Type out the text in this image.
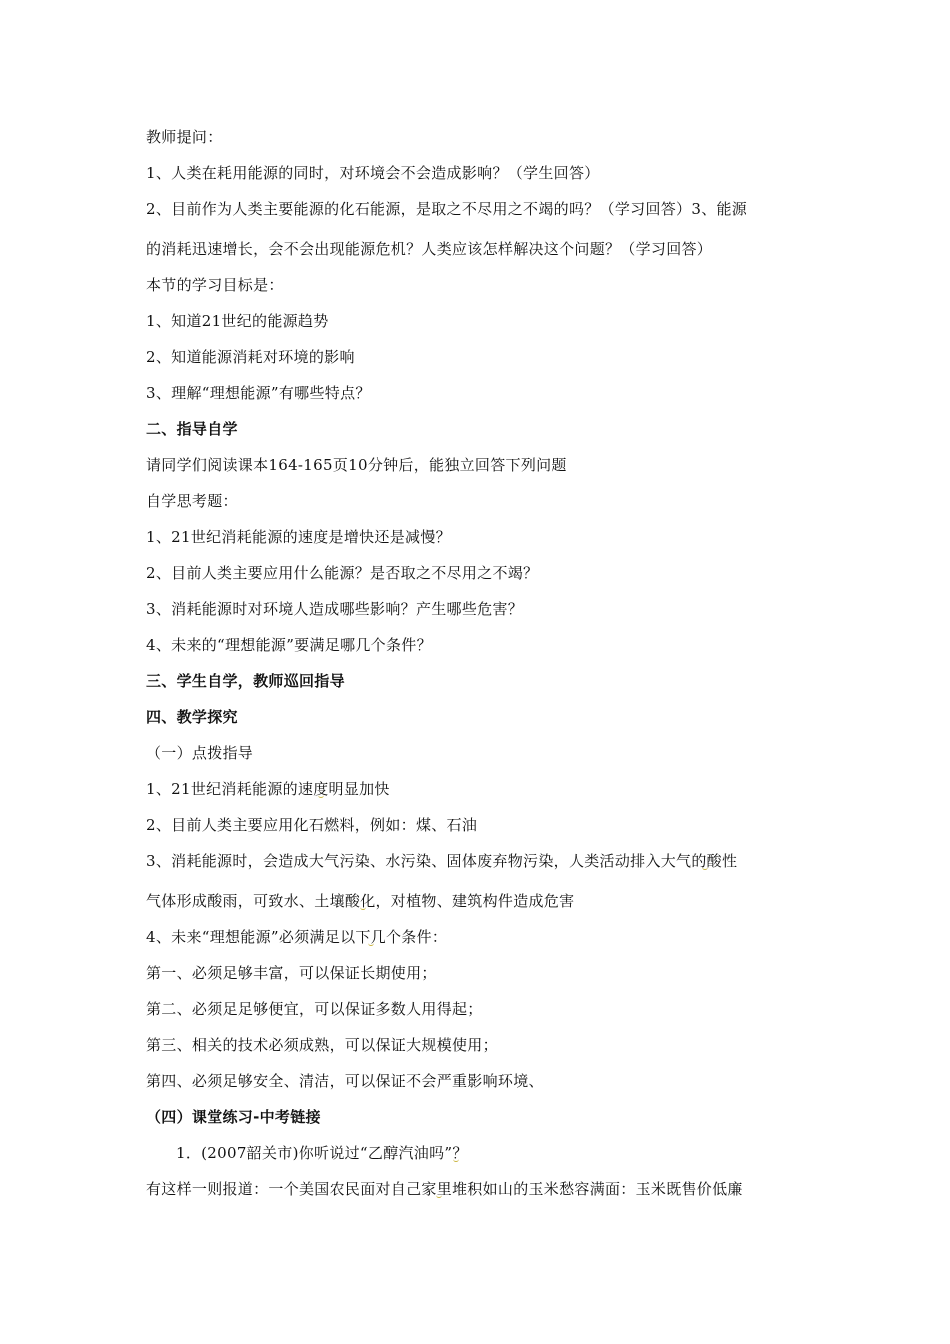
教师提问：
1、人类在耗用能源的同时，对环境会不会造成影响？（学生回答）
2、目前作为人类主要能源的化石能源，是取之不尽用之不竭的吗？（学习回答）3、能源
的消耗迅速增长，会不会出现能源危机？人类应该怎样解决这个问题？（学习回答）
本节的学习目标是：
1、知道21世纪的能源趋势
2、知道能源消耗对环境的影响
3、理解“理想能源”有哪些特点？
二、指导自学
请同学们阅读课本164-165页10分钟后，能独立回答下列问题
自学思考题：
1、21世纪消耗能源的速度是增快还是减慢？
2、目前人类主要应用什么能源？是否取之不尽用之不竭？
3、消耗能源时对环境人造成哪些影响？产生哪些危害？
4、未来的“理想能源”要满足哪几个条件？
三、学生自学，教师巡回指导
四、教学探究
（一）点拨指导
1、21世纪消耗能源的速度明显加快
2、目前人类主要应用化石燃料，例如：煤、石油
3、消耗能源时，会造成大气污染、水污染、固体废弃物污染，人类活动排入大气的酸性
气体形成酸雨，可致水、土壤酸化，对植物、建筑构件造成危害
4、未来“理想能源”必须满足以下几个条件：
第一、必须足够丰富，可以保证长期使用；
第二、必须足足够便宜，可以保证多数人用得起；
第三、相关的技术必须成熟，可以保证大规模使用；
第四、必须足够安全、清洁，可以保证不会严重影响环境、
（四）课堂练习-中考链接
1．(2007韶关市)你听说过“乙醇汽油吗”？
有这样一则报道：一个美国农民面对自己家里堆积如山的玉米愁容满面：玉米既售价低廉
